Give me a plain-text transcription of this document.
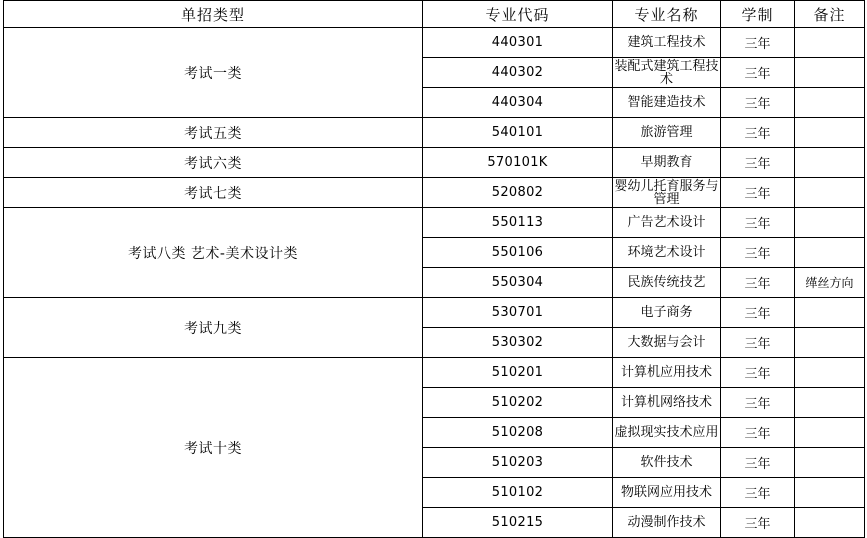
单招类型	专业代码	专业名称	学制	备注
考试一类	440301	建筑工程技术	三年	
	440302	装配式建筑工程技术	三年	
	440304	智能建造技术	三年	
考试五类	540101	旅游管理	三年	
考试六类	570101K	早期教育	三年	
考试七类	520802	婴幼儿托育服务与管理	三年	
考试八类 艺术-美术设计类	550113	广告艺术设计	三年	
	550106	环境艺术设计	三年	
	550304	民族传统技艺	三年	缂丝方向
考试九类	530701	电子商务	三年	
	530302	大数据与会计	三年	
考试十类	510201	计算机应用技术	三年	
	510202	计算机网络技术	三年	
	510208	虚拟现实技术应用	三年	
	510203	软件技术	三年	
	510102	物联网应用技术	三年	
	510215	动漫制作技术	三年	
